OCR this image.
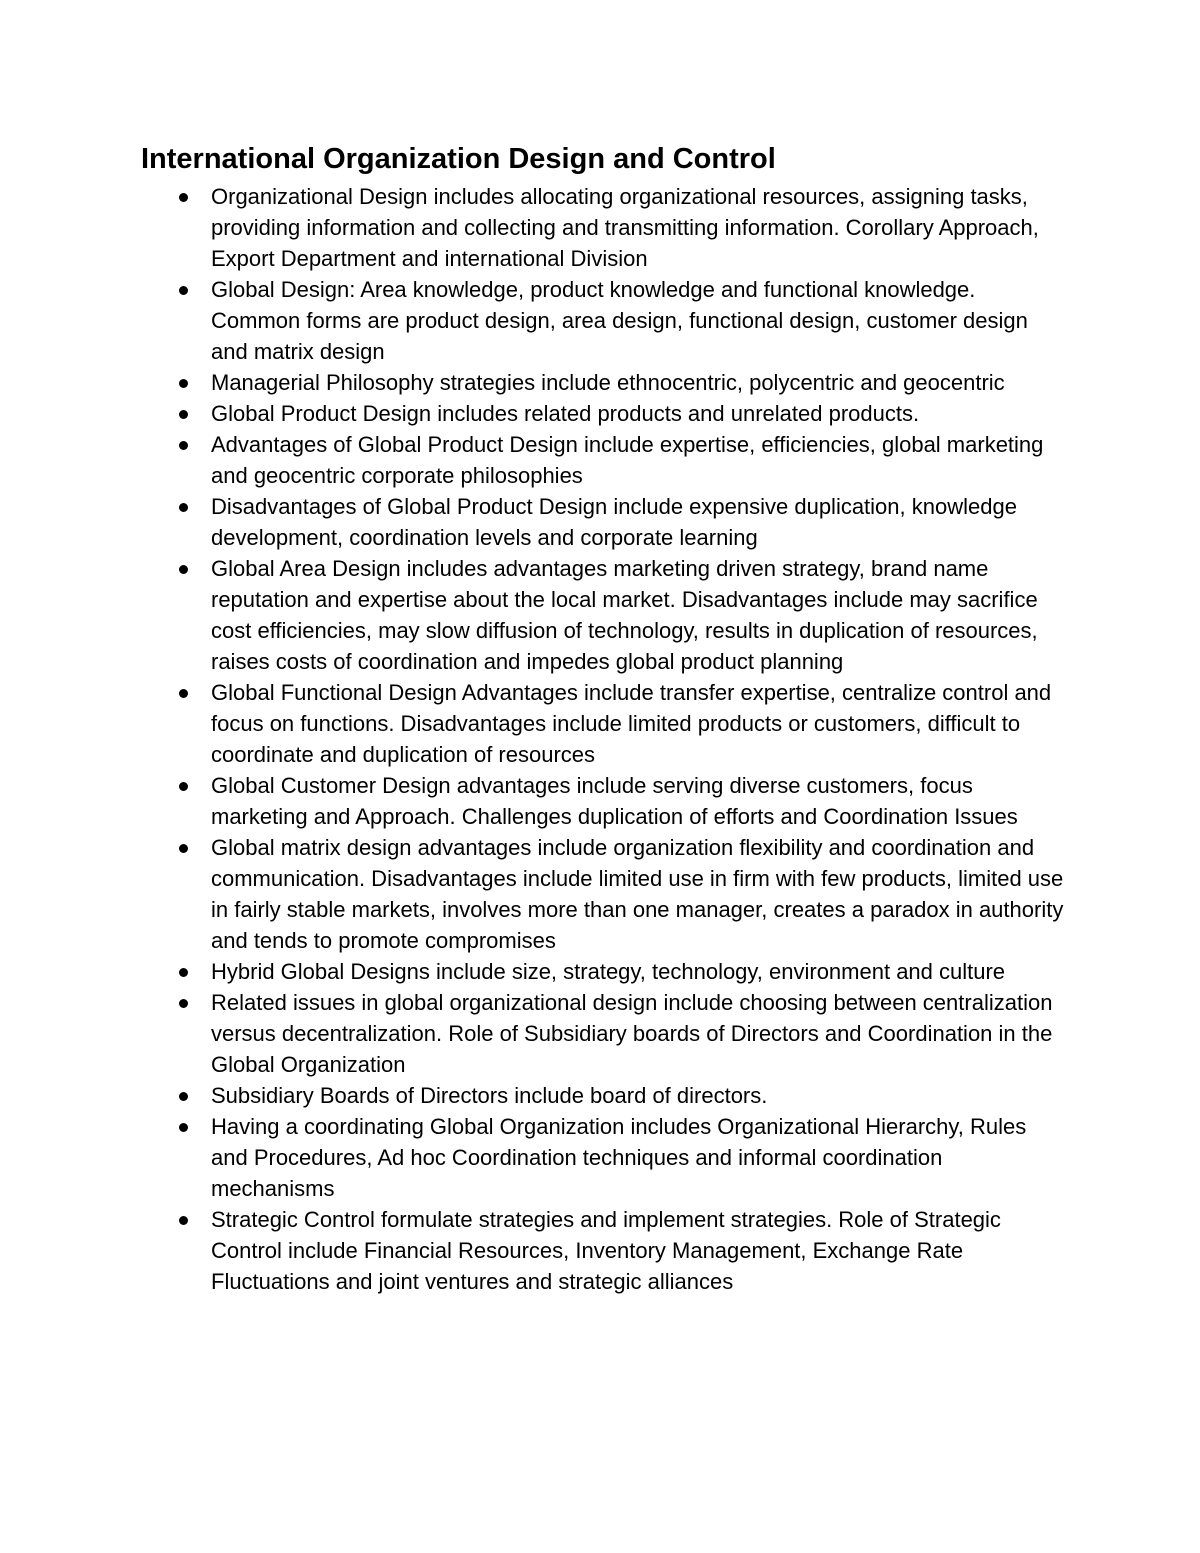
International Organization Design and Control
Organizational Design includes allocating organizational resources, assigning tasks, providing information and collecting and transmitting information. Corollary Approach, Export Department and international Division
Global Design: Area knowledge, product knowledge and functional knowledge. Common forms are product design, area design, functional design, customer design and matrix design
Managerial Philosophy strategies include ethnocentric, polycentric and geocentric
Global Product Design includes related products and unrelated products.
Advantages of Global Product Design include expertise, efficiencies, global marketing and geocentric corporate philosophies
Disadvantages of Global Product Design include expensive duplication, knowledge development, coordination levels and corporate learning
Global Area Design includes advantages marketing driven strategy, brand name reputation and expertise about the local market. Disadvantages include may sacrifice cost efficiencies, may slow diffusion of technology, results in duplication of resources, raises costs of coordination and impedes global product planning
Global Functional Design Advantages include transfer expertise, centralize control and focus on functions. Disadvantages include limited products or customers, difficult to coordinate and duplication of resources
Global Customer Design advantages include serving diverse customers, focus marketing and Approach. Challenges duplication of efforts and Coordination Issues
Global matrix design advantages include organization flexibility and coordination and communication. Disadvantages include limited use in firm with few products, limited use in fairly stable markets, involves more than one manager, creates a paradox in authority and tends to promote compromises
Hybrid Global Designs include size, strategy, technology, environment and culture
Related issues in global organizational design include choosing between centralization versus decentralization. Role of Subsidiary boards of Directors and Coordination in the Global Organization
Subsidiary Boards of Directors include board of directors.
Having a coordinating Global Organization includes Organizational Hierarchy, Rules and Procedures, Ad hoc Coordination techniques and informal coordination mechanisms
Strategic Control formulate strategies and implement strategies. Role of Strategic Control include Financial Resources, Inventory Management, Exchange Rate Fluctuations and joint ventures and strategic alliances
